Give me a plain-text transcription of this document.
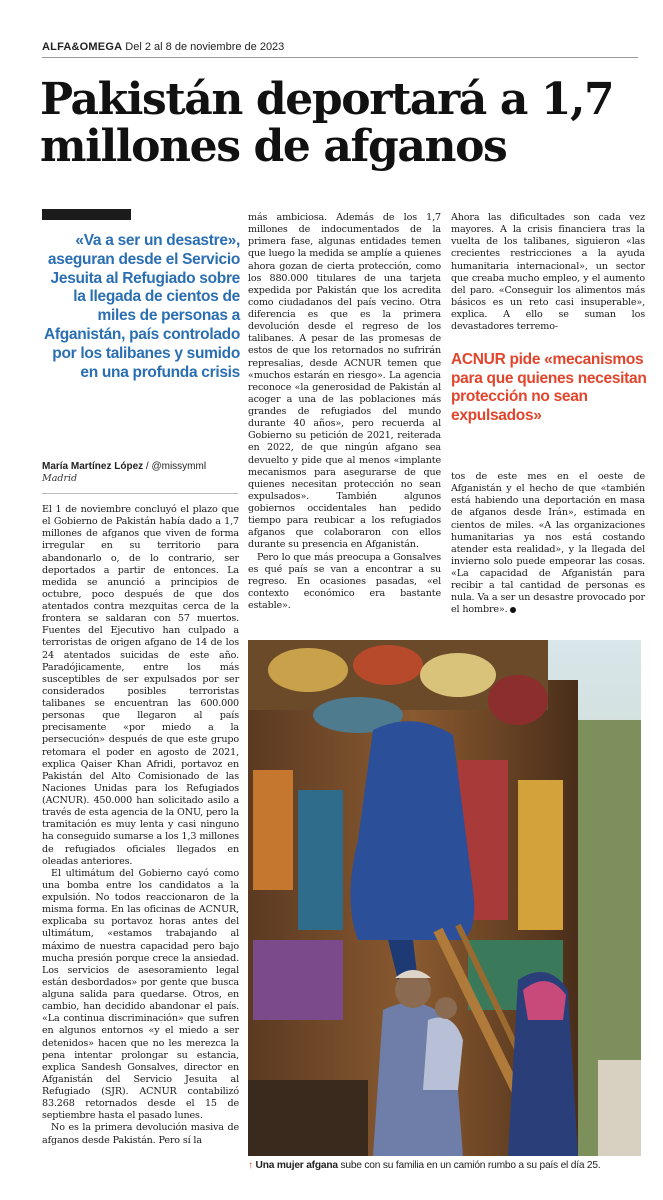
ALFA&OMEGA Del 2 al 8 de noviembre de 2023
Pakistán deportará a 1,7 millones de afganos
«Va a ser un desastre», aseguran desde el Servicio Jesuita al Refugiado sobre la llegada de cientos de miles de personas a Afganistán, país controlado por los talibanes y sumido en una profunda crisis
María Martínez López / @missymml
Madrid

El 1 de noviembre concluyó el plazo que el Gobierno de Pakistán había dado a 1,7 millones de afganos que viven de forma irregular en su territorio para abandonarlo o, de lo contrario, ser deportados a partir de entonces. La medida se anunció a principios de octubre, poco después de que dos atentados contra mezquitas cerca de la frontera se saldaran con 57 muertos. Fuentes del Ejecutivo han culpado a terroristas de origen afgano de 14 de los 24 atentados suicidas de este año. Paradójicamente, entre los más susceptibles de ser expulsados por ser considerados posibles terroristas talibanes se encuentran las 600.000 personas que llegaron al país precisamente «por miedo a la persecución» después de que este grupo retomara el poder en agosto de 2021, explica Qaiser Khan Afridi, portavoz en Pakistán del Alto Comisionado de las Naciones Unidas para los Refugiados (ACNUR). 450.000 han solicitado asilo a través de esta agencia de la ONU, pero la tramitación es muy lenta y casi ninguno ha conseguido sumarse a los 1,3 millones de refugiados oficiales llegados en oleadas anteriores.

El ultimátum del Gobierno cayó como una bomba entre los candidatos a la expulsión. No todos reaccionaron de la misma forma. En las oficinas de ACNUR, explicaba su portavoz horas antes del ultimátum, «estamos trabajando al máximo de nuestra capacidad pero bajo mucha presión porque crece la ansiedad. Los servicios de asesoramiento legal están desbordados» por gente que busca alguna salida para quedarse. Otros, en cambio, han decidido abandonar el país. «La continua discriminación» que sufren en algunos entornos «y el miedo a ser detenidos» hacen que no les merezca la pena intentar prolongar su estancia, explica Sandesh Gonsalves, director en Afganistán del Servicio Jesuita al Refugiado (SJR). ACNUR contabilizó 83.268 retornados desde el 15 de septiembre hasta el pasado lunes.

No es la primera devolución masiva de afganos desde Pakistán. Pero sí la

más ambiciosa. Además de los 1,7 millones de indocumentados de la primera fase, algunas entidades temen que luego la medida se amplíe a quienes ahora gozan de cierta protección, como los 880.000 titulares de una tarjeta expedida por Pakistán que los acredita como ciudadanos del país vecino. Otra diferencia es que es la primera devolución desde el regreso de los talibanes. A pesar de las promesas de estos de que los retornados no sufrirán represalias, desde ACNUR temen que «muchos estarán en riesgo». La agencia reconoce «la generosidad de Pakistán al acoger a una de las poblaciones más grandes de refugiados del mundo durante 40 años», pero recuerda al Gobierno su petición de 2021, reiterada en 2022, de que ningún afgano sea devuelto y pide que al menos «implante mecanismos para asegurarse de que quienes necesitan protección no sean expulsados». También algunos gobiernos occidentales han pedido tiempo para reubicar a los refugiados afganos que colaboraron con ellos durante su presencia en Afganistán.

Pero lo que más preocupa a Gonsalves es qué país se van a encontrar a su regreso. En ocasiones pasadas, «el contexto económico era bastante estable».

Ahora las dificultades son cada vez mayores. A la crisis financiera tras la vuelta de los talibanes, siguieron «las crecientes restricciones a la ayuda humanitaria internacional», un sector que creaba mucho empleo, y el aumento del paro. «Conseguir los alimentos más básicos es un reto casi insuperable», explica. A ello se suman los devastadores terremo-

ACNUR pide «mecanismos para que quienes necesitan protección no sean expulsados»

tos de este mes en el oeste de Afganistán y el hecho de que «también está habiendo una deportación en masa de afganos desde Irán», estimada en cientos de miles. «A las organizaciones humanitarias ya nos está costando atender esta realidad», y la llegada del invierno solo puede empeorar las cosas. «La capacidad de Afganistán para recibir a tal cantidad de personas es nula. Va a ser un desastre provocado por el hombre».

↑ Una mujer afgana sube con su familia en un camión rumbo a su país el día 25.
